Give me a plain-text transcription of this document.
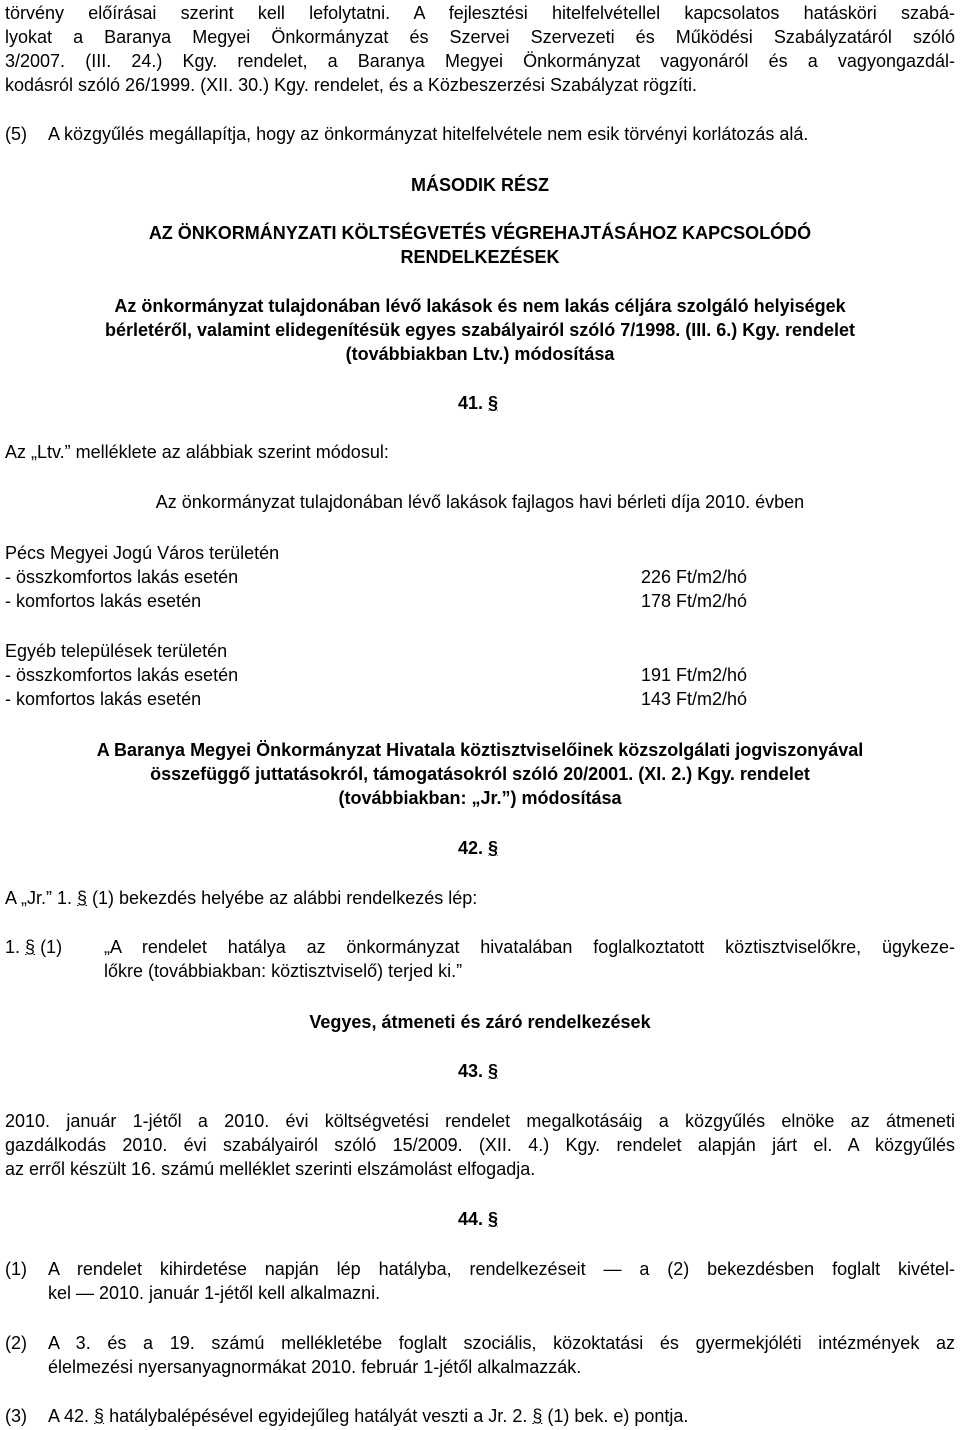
törvény előírásai szerint kell lefolytatni. A fejlesztési hitelfelvétellel kapcsolatos hatásköri szabá-
lyokat a Baranya Megyei Önkormányzat és Szervei Szervezeti és Működési Szabályzatáról szóló
3/2007. (III. 24.) Kgy. rendelet, a Baranya Megyei Önkormányzat vagyonáról és a vagyongazdál-
kodásról szóló 26/1999. (XII. 30.) Kgy. rendelet, és a Közbeszerzési Szabályzat rögzíti.
(5) A közgyűlés megállapítja, hogy az önkormányzat hitelfelvétele nem esik törvényi korlátozás alá.
MÁSODIK RÉSZ
AZ ÖNKORMÁNYZATI KÖLTSÉGVETÉS VÉGREHAJTÁSÁHOZ KAPCSOLÓDÓ
RENDELKEZÉSEK
Az önkormányzat tulajdonában lévő lakások és nem lakás céljára szolgáló helyiségek
bérletéről, valamint elidegenítésük egyes szabályairól szóló 7/1998. (III. 6.) Kgy. rendelet
(továbbiakban Ltv.) módosítása
41. §
Az „Ltv.” melléklete az alábbiak szerint módosul:
Az önkormányzat tulajdonában lévő lakások fajlagos havi bérleti díja 2010. évben
Pécs Megyei Jogú Város területén
- összkomfortos lakás esetén	226 Ft/m2/hó
- komfortos lakás esetén	178 Ft/m2/hó
Egyéb települések területén
- összkomfortos lakás esetén	191 Ft/m2/hó
- komfortos lakás esetén	143 Ft/m2/hó
A Baranya Megyei Önkormányzat Hivatala köztisztviselőinek közszolgálati jogviszonyával
összefüggő juttatásokról, támogatásokról szóló 20/2001. (XI. 2.) Kgy. rendelet
(továbbiakban: „Jr.”) módosítása
42. §
A „Jr.” 1. § (1) bekezdés helyébe az alábbi rendelkezés lép:
1. § (1) „A rendelet hatálya az önkormányzat hivatalában foglalkoztatott köztisztviselőkre, ügykeze-
lőkre (továbbiakban: köztisztviselő) terjed ki.”
Vegyes, átmeneti és záró rendelkezések
43. §
2010. január 1-jétől a 2010. évi költségvetési rendelet megalkotásáig a közgyűlés elnöke az átmeneti
gazdálkodás 2010. évi szabályairól szóló 15/2009. (XII. 4.) Kgy. rendelet alapján járt el. A közgyűlés
az erről készült 16. számú melléklet szerinti elszámolást elfogadja.
44. §
(1) A rendelet kihirdetése napján lép hatályba, rendelkezéseit — a (2) bekezdésben foglalt kivétel-
kel — 2010. január 1-jétől kell alkalmazni.
(2) A 3. és a 19. számú mellékletébe foglalt szociális, közoktatási és gyermekjóléti intézmények az
élelmezési nyersanyagnormákat 2010. február 1-jétől alkalmazzák.
(3) A 42. § hatálybalépésével egyidejűleg hatályát veszti a Jr. 2. § (1) bek. e) pontja.
